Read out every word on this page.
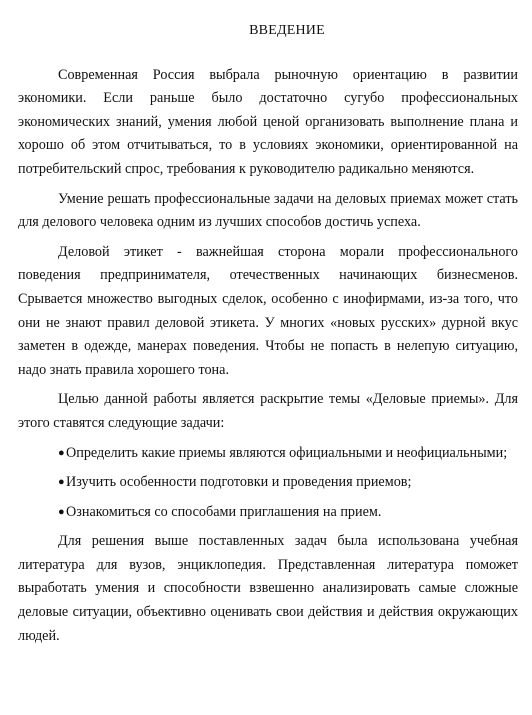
ВВЕДЕНИЕ

Современная Россия выбрала рыночную ориентацию в развитии экономики. Если раньше было достаточно сугубо профессиональных экономических знаний, умения любой ценой организовать выполнение плана и хорошо об этом отчитываться, то в условиях экономики, ориентированной на потребительский спрос, требования к руководителю радикально меняются.

Умение решать профессиональные задачи на деловых приемах может стать для делового человека одним из лучших способов достичь успеха.

Деловой этикет - важнейшая сторона морали профессионального поведения предпринимателя, отечественных начинающих бизнесменов. Срывается множество выгодных сделок, особенно с инофирмами, из-за того, что они не знают правил деловой этикета. У многих «новых русских» дурной вкус заметен в одежде, манерах поведения. Чтобы не попасть в нелепую ситуацию, надо знать правила хорошего тона.

Целью данной работы является раскрытие темы «Деловые приемы». Для этого ставятся следующие задачи:

●Определить какие приемы являются официальными и неофициальными;

●Изучить особенности подготовки и проведения приемов;

●Ознакомиться со способами приглашения на прием.

Для решения выше поставленных задач была использована учебная литература для вузов, энциклопедия. Представленная литература поможет выработать умения и способности взвешенно анализировать самые сложные деловые ситуации, объективно оценивать свои действия и действия окружающих людей.
